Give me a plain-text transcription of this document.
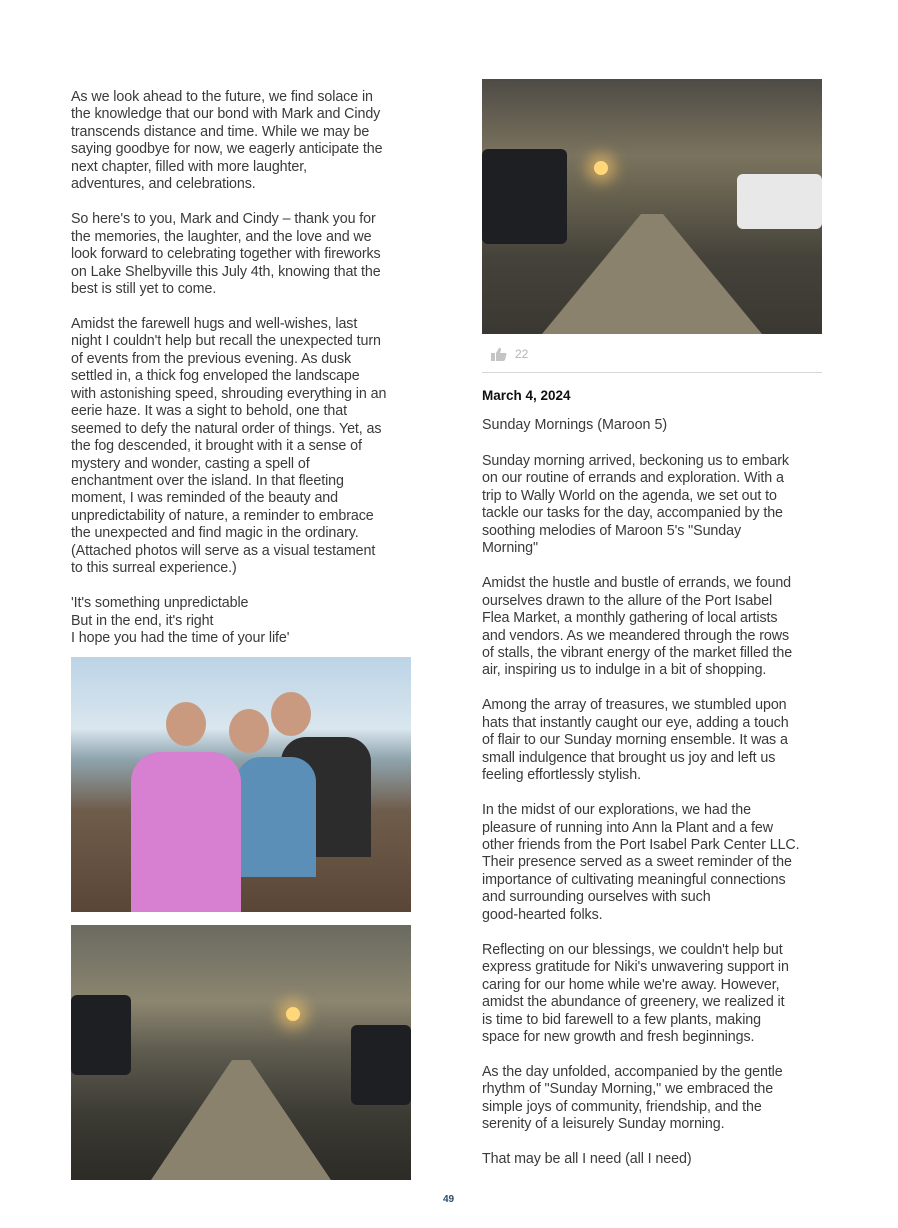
As we look ahead to the future, we find solace in
the knowledge that our bond with Mark and Cindy
transcends distance and time. While we may be
saying goodbye for now, we eagerly anticipate the
next chapter, filled with more laughter,
adventures, and celebrations.

So here's to you, Mark and Cindy – thank you for
the memories, the laughter, and the love and we
look forward to celebrating together with fireworks
on Lake Shelbyville this July 4th, knowing that the
best is still yet to come.

Amidst the farewell hugs and well-wishes, last
night I couldn't help but recall the unexpected turn
of events from the previous evening. As dusk
settled in, a thick fog enveloped the landscape
with astonishing speed, shrouding everything in an
eerie haze. It was a sight to behold, one that
seemed to defy the natural order of things. Yet, as
the fog descended, it brought with it a sense of
mystery and wonder, casting a spell of
enchantment over the island. In that fleeting
moment, I was reminded of the beauty and
unpredictability of nature, a reminder to embrace
the unexpected and find magic in the ordinary.
(Attached photos will serve as a visual testament
to this surreal experience.)

'It's something unpredictable
But in the end, it's right
I hope you had the time of your life'
22
March 4, 2024
Sunday Mornings (Maroon 5)
Sunday morning arrived, beckoning us to embark
on our routine of errands and exploration. With a
trip to Wally World on the agenda, we set out to
tackle our tasks for the day, accompanied by the
soothing melodies of Maroon 5's "Sunday
Morning"

Amidst the hustle and bustle of errands, we found
ourselves drawn to the allure of the Port Isabel
Flea Market, a monthly gathering of local artists
and vendors. As we meandered through the rows
of stalls, the vibrant energy of the market filled the
air, inspiring us to indulge in a bit of shopping.

Among the array of treasures, we stumbled upon
hats that instantly caught our eye, adding a touch
of flair to our Sunday morning ensemble. It was a
small indulgence that brought us joy and left us
feeling effortlessly stylish.

In the midst of our explorations, we had the
pleasure of running into Ann la Plant and a few
other friends from the Port Isabel Park Center LLC.
Their presence served as a sweet reminder of the
importance of cultivating meaningful connections
and surrounding ourselves with such
good-hearted folks.

Reflecting on our blessings, we couldn't help but
express gratitude for Niki's unwavering support in
caring for our home while we're away. However,
amidst the abundance of greenery, we realized it
is time to bid farewell to a few plants, making
space for new growth and fresh beginnings.

As the day unfolded, accompanied by the gentle
rhythm of "Sunday Morning," we embraced the
simple joys of community, friendship, and the
serenity of a leisurely Sunday morning.

That may be all I need (all I need)
49
